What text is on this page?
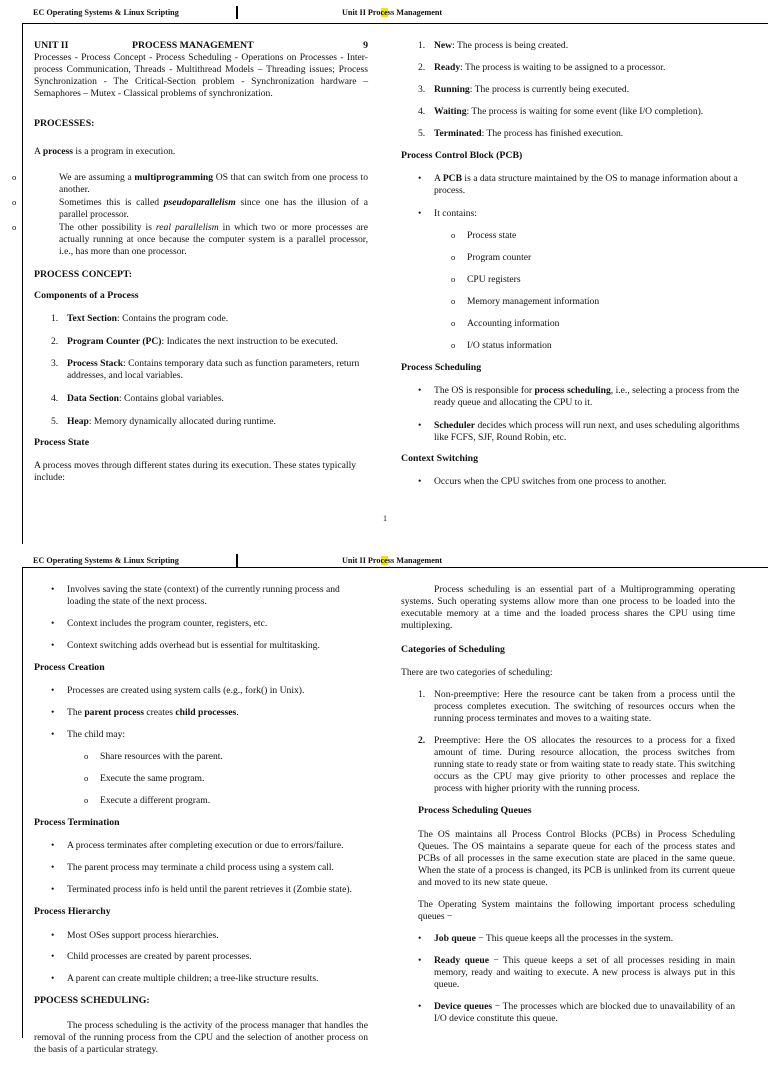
EC Operating Systems & Linux Scripting	Unit II Process Management
UNIT II	PROCESS MANAGEMENT	9

Processes - Process Concept - Process Scheduling - Operations on Processes - Inter-process Communication, Threads - Multithread Models – Threading issues; Process Synchronization - The Critical-Section problem - Synchronization hardware – Semaphores – Mutex - Classical problems of synchronization.

PROCESSES:

A process is a program in execution.

o We are assuming a multiprogramming OS that can switch from one process to another.
o Sometimes this is called pseudoparallelism since one has the illusion of a parallel processor.
o The other possibility is real parallelism in which two or more processes are actually running at once because the computer system is a parallel processor, i.e., has more than one processor.
PROCESS CONCEPT:
Components of a Process
1. Text Section: Contains the program code.
2. Program Counter (PC): Indicates the next instruction to be executed.
3. Process Stack: Contains temporary data such as function parameters, return addresses, and local variables.
4. Data Section: Contains global variables.
5. Heap: Memory dynamically allocated during runtime.
Process State

A process moves through different states during its execution. These states typically include:

1. New: The process is being created.
2. Ready: The process is waiting to be assigned to a processor.
3. Running: The process is currently being executed.
4. Waiting: The process is waiting for some event (like I/O completion).
5. Terminated: The process has finished execution.
Process Control Block (PCB)
• A PCB is a data structure maintained by the OS to manage information about a process.
• It contains:
o Process state
o Program counter
o CPU registers
o Memory management information
o Accounting information
o I/O status information
Process Scheduling
• The OS is responsible for process scheduling, i.e., selecting a process from the ready queue and allocating the CPU to it.
• Scheduler decides which process will run next, and uses scheduling algorithms like FCFS, SJF, Round Robin, etc.
Context Switching
• Occurs when the CPU switches from one process to another.
1
EC Operating Systems & Linux Scripting	Unit II Process Management
• Involves saving the state (context) of the currently running process and loading the state of the next process.
• Context includes the program counter, registers, etc.
• Context switching adds overhead but is essential for multitasking.
Process Creation
• Processes are created using system calls (e.g., fork() in Unix).
• The parent process creates child processes.
• The child may:
o Share resources with the parent.
o Execute the same program.
o Execute a different program.
Process Termination
• A process terminates after completing execution or due to errors/failure.
• The parent process may terminate a child process using a system call.
• Terminated process info is held until the parent retrieves it (Zombie state).
Process Hierarchy
• Most OSes support process hierarchies.
• Child processes are created by parent processes.
• A parent can create multiple children; a tree-like structure results.
PPOCESS SCHEDULING:

The process scheduling is the activity of the process manager that handles the removal of the running process from the CPU and the selection of another process on the basis of a particular strategy.

Process scheduling is an essential part of a Multiprogramming operating systems. Such operating systems allow more than one process to be loaded into the executable memory at a time and the loaded process shares the CPU using time multiplexing.

Categories of Scheduling

There are two categories of scheduling:

1. Non-preemptive: Here the resource cant be taken from a process until the process completes execution. The switching of resources occurs when the running process terminates and moves to a waiting state.
2. Preemptive: Here the OS allocates the resources to a process for a fixed amount of time. During resource allocation, the process switches from running state to ready state or from waiting state to ready state. This switching occurs as the CPU may give priority to other processes and replace the process with higher priority with the running process.
Process Scheduling Queues

The OS maintains all Process Control Blocks (PCBs) in Process Scheduling Queues. The OS maintains a separate queue for each of the process states and PCBs of all processes in the same execution state are placed in the same queue. When the state of a process is changed, its PCB is unlinked from its current queue and moved to its new state queue.

The Operating System maintains the following important process scheduling queues −

• Job queue − This queue keeps all the processes in the system.
• Ready queue − This queue keeps a set of all processes residing in main memory, ready and waiting to execute. A new process is always put in this queue.
• Device queues − The processes which are blocked due to unavailability of an I/O device constitute this queue.
